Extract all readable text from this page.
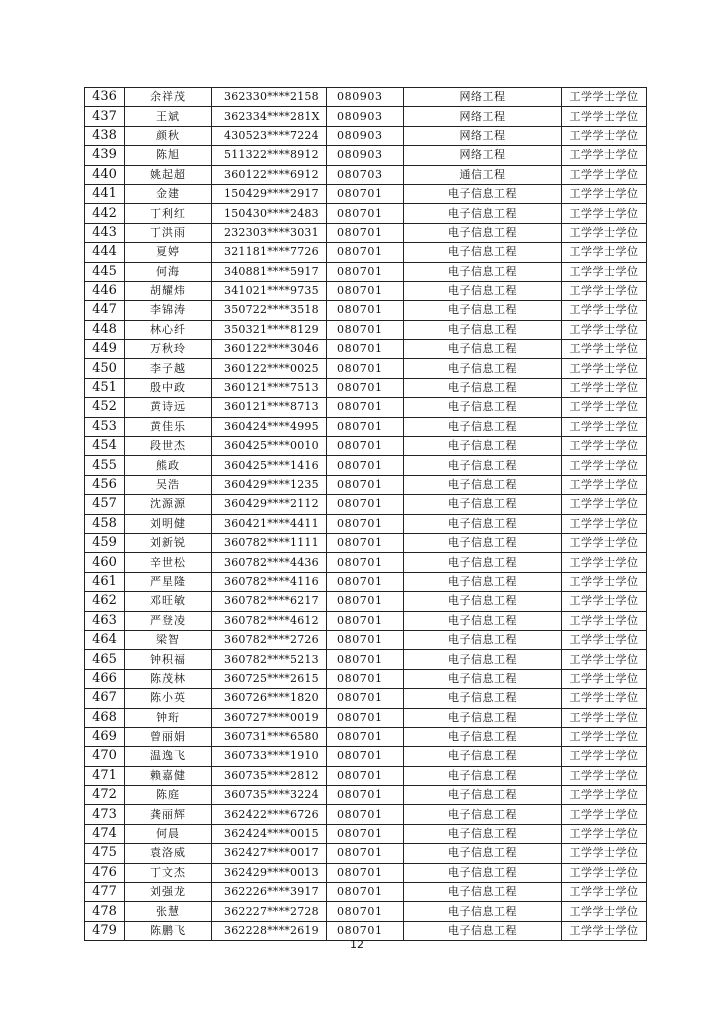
436	余祥茂	362330****2158	080903	网络工程	工学学士学位
437	王斌	362334****281X	080903	网络工程	工学学士学位
438	颜秋	430523****7224	080903	网络工程	工学学士学位
439	陈旭	511322****8912	080903	网络工程	工学学士学位
440	姚起超	360122****6912	080703	通信工程	工学学士学位
441	金建	150429****2917	080701	电子信息工程	工学学士学位
442	丁利红	150430****2483	080701	电子信息工程	工学学士学位
443	丁洪雨	232303****3031	080701	电子信息工程	工学学士学位
444	夏婷	321181****7726	080701	电子信息工程	工学学士学位
445	何海	340881****5917	080701	电子信息工程	工学学士学位
446	胡耀炜	341021****9735	080701	电子信息工程	工学学士学位
447	李锦涛	350722****3518	080701	电子信息工程	工学学士学位
448	林心纤	350321****8129	080701	电子信息工程	工学学士学位
449	万秋玲	360122****3046	080701	电子信息工程	工学学士学位
450	李子越	360122****0025	080701	电子信息工程	工学学士学位
451	殷中政	360121****7513	080701	电子信息工程	工学学士学位
452	黄诗远	360121****8713	080701	电子信息工程	工学学士学位
453	黄佳乐	360424****4995	080701	电子信息工程	工学学士学位
454	段世杰	360425****0010	080701	电子信息工程	工学学士学位
455	熊政	360425****1416	080701	电子信息工程	工学学士学位
456	吴浩	360429****1235	080701	电子信息工程	工学学士学位
457	沈源源	360429****2112	080701	电子信息工程	工学学士学位
458	刘明健	360421****4411	080701	电子信息工程	工学学士学位
459	刘新锐	360782****1111	080701	电子信息工程	工学学士学位
460	辛世松	360782****4436	080701	电子信息工程	工学学士学位
461	严星隆	360782****4116	080701	电子信息工程	工学学士学位
462	邓旺敏	360782****6217	080701	电子信息工程	工学学士学位
463	严登凌	360782****4612	080701	电子信息工程	工学学士学位
464	梁智	360782****2726	080701	电子信息工程	工学学士学位
465	钟积福	360782****5213	080701	电子信息工程	工学学士学位
466	陈茂林	360725****2615	080701	电子信息工程	工学学士学位
467	陈小英	360726****1820	080701	电子信息工程	工学学士学位
468	钟珩	360727****0019	080701	电子信息工程	工学学士学位
469	曾丽娟	360731****6580	080701	电子信息工程	工学学士学位
470	温逸飞	360733****1910	080701	电子信息工程	工学学士学位
471	赖嘉健	360735****2812	080701	电子信息工程	工学学士学位
472	陈庭	360735****3224	080701	电子信息工程	工学学士学位
473	龚丽辉	362422****6726	080701	电子信息工程	工学学士学位
474	何晨	362424****0015	080701	电子信息工程	工学学士学位
475	袁洛威	362427****0017	080701	电子信息工程	工学学士学位
476	丁文杰	362429****0013	080701	电子信息工程	工学学士学位
477	刘强龙	362226****3917	080701	电子信息工程	工学学士学位
478	张慧	362227****2728	080701	电子信息工程	工学学士学位
479	陈鹏飞	362228****2619	080701	电子信息工程	工学学士学位
12
